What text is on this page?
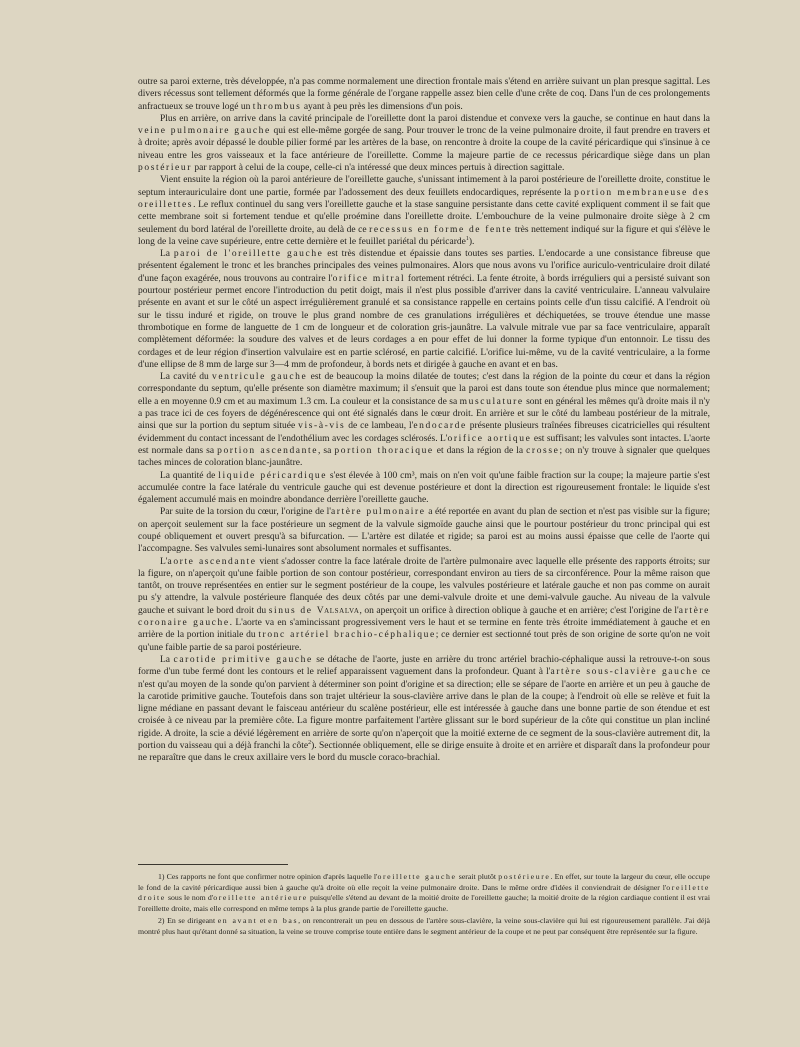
outre sa paroi externe, très développée, n'a pas comme normalement une direction frontale mais s'étend en arrière suivant un plan presque sagittal. Les divers récessus sont tellement déformés que la forme générale de l'organe rappelle assez bien celle d'une crête de coq. Dans l'un de ces prolongements anfractueux se trouve logé un thrombus ayant à peu près les dimensions d'un pois.

Plus en arrière, on arrive dans la cavité principale de l'oreillette dont la paroi distendue et convexe vers la gauche, se continue en haut dans la veine pulmonaire gauche qui est elle-même gorgée de sang. Pour trouver le tronc de la veine pulmonaire droite, il faut prendre en travers et à droite; après avoir dépassé le double pilier formé par les artères de la base, on rencontre à droite la coupe de la cavité péricardique qui s'insinue à ce niveau entre les gros vaisseaux et la face antérieure de l'oreillette. Comme la majeure partie de ce recessus péricardique siège dans un plan postérieur par rapport à celui de la coupe, celle-ci n'a intéressé que deux minces pertuis à direction sagittale.

Vient ensuite la région où la paroi antérieure de l'oreillette gauche, s'unissant intimement à la paroi postérieure de l'oreillette droite, constitue le septum interauriculaire dont une partie, formée par l'adossement des deux feuillets endocardiques, représente la portion membraneuse des oreillettes. Le reflux continuel du sang vers l'oreillette gauche et la stase sanguine persistante dans cette cavité expliquent comment il se fait que cette membrane soit si fortement tendue et qu'elle proémine dans l'oreillette droite. L'embouchure de la veine pulmonaire droite siège à 2 cm seulement du bord latéral de l'oreillette droite, au delà de ce recessus en forme de fente très nettement indiqué sur la figure et qui s'élève le long de la veine cave supérieure, entre cette dernière et le feuillet pariétal du péricarde$^1$).

La paroi de l'oreillette gauche est très distendue et épaissie dans toutes ses parties. L'endocarde a une consistance fibreuse que présentent également le tronc et les branches principales des veines pulmonaires. Alors que nous avons vu l'orifice auriculo-ventriculaire droit dilaté d'une façon exagérée, nous trouvons au contraire l'orifice mitral fortement rétréci. La fente étroite, à bords irréguliers qui a persisté suivant son pourtour postérieur permet encore l'introduction du petit doigt, mais il n'est plus possible d'arriver dans la cavité ventriculaire. L'anneau valvulaire présente en avant et sur le côté un aspect irrégulièrement granulé et sa consistance rappelle en certains points celle d'un tissu calcifié. A l'endroit où sur le tissu induré et rigide, on trouve le plus grand nombre de ces granulations irrégulières et déchiquetées, se trouve étendue une masse thrombotique en forme de languette de 1 cm de longueur et de coloration gris-jaunâtre. La valvule mitrale vue par sa face ventriculaire, apparaît complètement déformée: la soudure des valves et de leurs cordages a en pour effet de lui donner la forme typique d'un entonnoir. Le tissu des cordages et de leur région d'insertion valvulaire est en partie sclérosé, en partie calcifié. L'orifice lui-même, vu de la cavité ventriculaire, a la forme d'une ellipse de 8 mm de large sur 3—4 mm de profondeur, à bords nets et dirigée à gauche en avant et en bas.

La cavité du ventricule gauche est de beaucoup la moins dilatée de toutes; c'est dans la région de la pointe du cœur et dans la région correspondante du septum, qu'elle présente son diamètre maximum; il s'ensuit que la paroi est dans toute son étendue plus mince que normalement; elle a en moyenne 0.9 cm et au maximum 1.3 cm. La couleur et la consistance de sa musculature sont en général les mêmes qu'à droite mais il n'y a pas trace ici de ces foyers de dégénérescence qui ont été signalés dans le cœur droit. En arrière et sur le côté du lambeau postérieur de la mitrale, ainsi que sur la portion du septum située vis-à-vis de ce lambeau, l'endocarde présente plusieurs traînées fibreuses cicatricielles qui résultent évidemment du contact incessant de l'endothélium avec les cordages sclérosés. L'orifice aortique est suffisant; les valvules sont intactes. L'aorte est normale dans sa portion ascendante, sa portion thoracique et dans la région de la crosse; on n'y trouve à signaler que quelques taches minces de coloration blanc-jaunâtre.

La quantité de liquide péricardique s'est élevée à 100 cm³, mais on n'en voit qu'une faible fraction sur la coupe; la majeure partie s'est accumulée contre la face latérale du ventricule gauche qui est devenue postérieure et dont la direction est rigoureusement frontale: le liquide s'est également accumulé mais en moindre abondance derrière l'oreillette gauche.

Par suite de la torsion du cœur, l'origine de l'artère pulmonaire a été reportée en avant du plan de section et n'est pas visible sur la figure; on aperçoit seulement sur la face postérieure un segment de la valvule sigmoïde gauche ainsi que le pourtour postérieur du tronc principal qui est coupé obliquement et ouvert presqu'à sa bifurcation. — L'artère est dilatée et rigide; sa paroi est au moins aussi épaisse que celle de l'aorte qui l'accompagne. Ses valvules semi-lunaires sont absolument normales et suffisantes.

L'aorte ascendante vient s'adosser contre la face latérale droite de l'artère pulmonaire avec laquelle elle présente des rapports étroits; sur la figure, on n'aperçoit qu'une faible portion de son contour postérieur, correspondant environ au tiers de sa circonférence. Pour la même raison que tantôt, on trouve représentées en entier sur le segment postérieur de la coupe, les valvules postérieure et latérale gauche et non pas comme on aurait pu s'y attendre, la valvule postérieure flanquée des deux côtés par une demi-valvule droite et une demi-valvule gauche. Au niveau de la valvule gauche et suivant le bord droit du sinus de Valsalva, on aperçoit un orifice à direction oblique à gauche et en arrière; c'est l'origine de l'artère coronaire gauche. L'aorte va en s'amincissant progressivement vers le haut et se termine en fente très étroite immédiatement à gauche et en arrière de la portion initiale du tronc artériel brachio-céphalique; ce dernier est sectionné tout près de son origine de sorte qu'on ne voit qu'une faible partie de sa paroi postérieure.

La carotide primitive gauche se détache de l'aorte, juste en arrière du tronc artériel brachio-céphalique aussi la retrouve-t-on sous forme d'un tube fermé dont les contours et le relief apparaissent vaguement dans la profondeur. Quant à l'artère sous-clavière gauche ce n'est qu'au moyen de la sonde qu'on parvient à déterminer son point d'origine et sa direction; elle se sépare de l'aorte en arrière et un peu à gauche de la carotide primitive gauche. Toutefois dans son trajet ultérieur la sous-clavière arrive dans le plan de la coupe; à l'endroit où elle se relève et fuit la ligne médiane en passant devant le faisceau antérieur du scalène postérieur, elle est intéressée à gauche dans une bonne partie de son étendue et est croisée à ce niveau par la première côte. La figure montre parfaitement l'artère glissant sur le bord supérieur de la côte qui constitue un plan incliné rigide. A droite, la scie a dévié légèrement en arrière de sorte qu'on n'aperçoit que la moitié externe de ce segment de la sous-clavière autrement dit, la portion du vaisseau qui a déjà franchi la côte$^2$). Sectionnée obliquement, elle se dirige ensuite à droite et en arrière et disparaît dans la profondeur pour ne reparaître que dans le creux axillaire vers le bord du muscle coraco-brachial.

1) Ces rapports ne font que confirmer notre opinion d'après laquelle l'oreillette gauche serait plutôt postérieure. En effet, sur toute la largeur du cœur, elle occupe le fond de la cavité péricardique aussi bien à gauche qu'à droite où elle reçoit la veine pulmonaire droite. Dans le même ordre d'idées il conviendrait de désigner l'oreillette droite sous le nom d'oreillette antérieure puisqu'elle s'étend au devant de la moitié droite de l'oreillette gauche; la moitié droite de la région cardiaque contient il est vrai l'oreillette droite, mais elle correspond en même temps à la plus grande partie de l'oreillette gauche.

2) En se dirigeant en avant et en bas, on rencontrerait un peu en dessous de l'artère sous-clavière, la veine sous-clavière qui lui est rigoureusement parallèle. J'ai déjà montré plus haut qu'étant donné sa situation, la veine se trouve comprise toute entière dans le segment antérieur de la coupe et ne peut par conséquent être représentée sur la figure.
